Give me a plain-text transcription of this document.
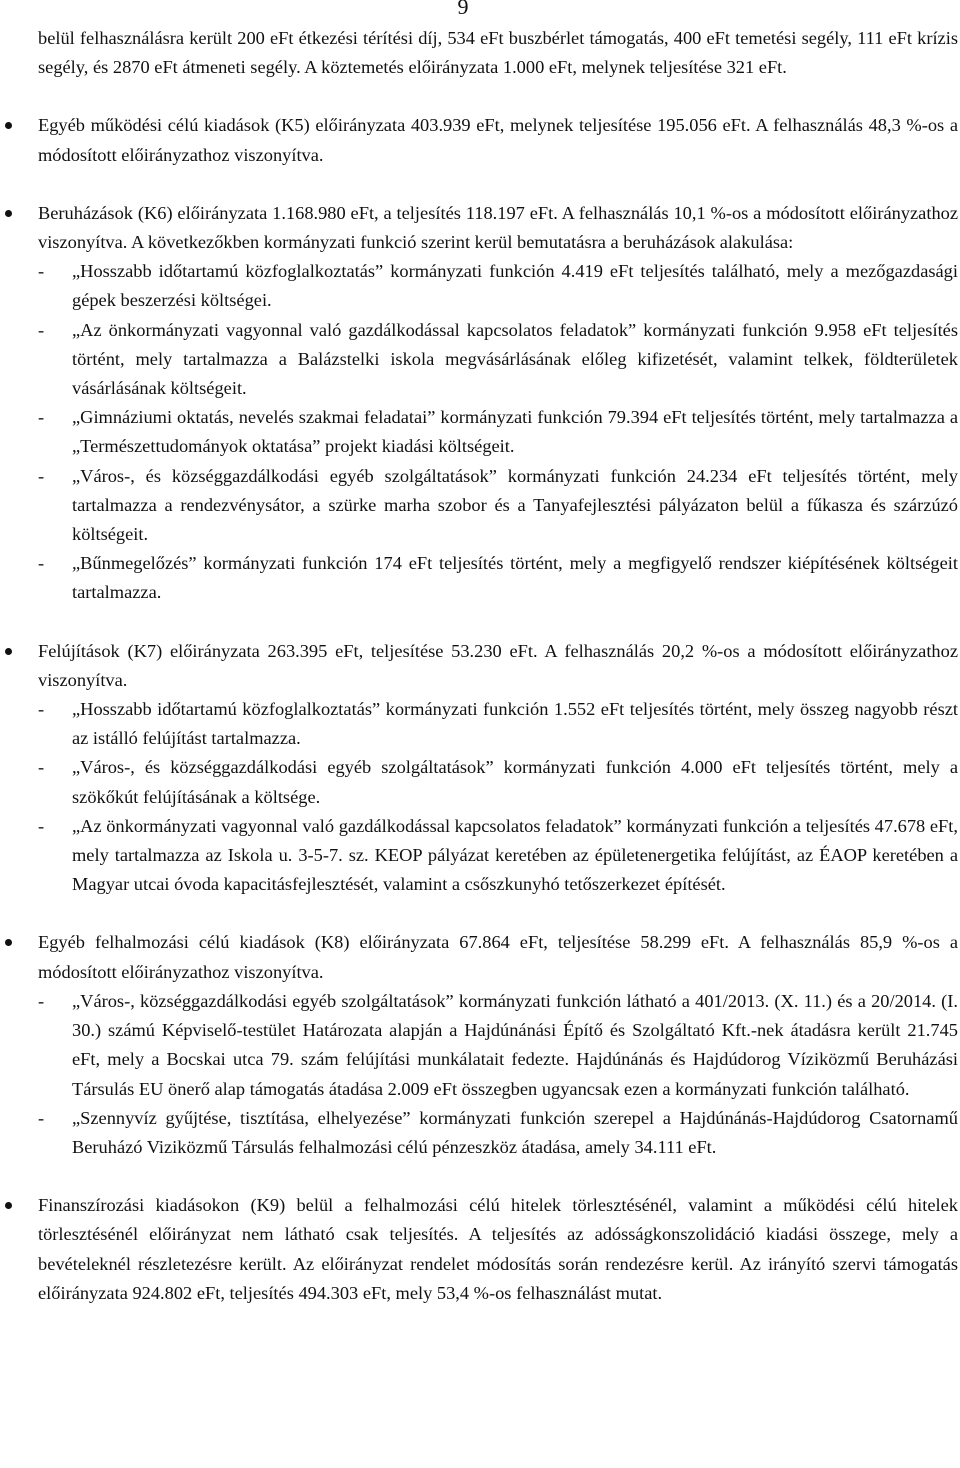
9

belül felhasználásra került 200 eFt étkezési térítési díj, 534 eFt buszbérlet támogatás, 400 eFt temetési segély, 111 eFt krízis segély, és 2870 eFt átmeneti segély. A köztemetés előirányzata 1.000 eFt, melynek teljesítése 321 eFt.

Egyéb működési célú kiadások (K5) előirányzata 403.939 eFt, melynek teljesítése 195.056 eFt. A felhasználás 48,3 %-os a módosított előirányzathoz viszonyítva.
Beruházások (K6) előirányzata 1.168.980 eFt, a teljesítés 118.197 eFt. A felhasználás 10,1 %-os a módosított előirányzathoz viszonyítva. A következőkben kormányzati funkció szerint kerül bemutatásra a beruházások alakulása:
- „Hosszabb időtartamú közfoglalkoztatás” kormányzati funkción 4.419 eFt teljesítés található, mely a mezőgazdasági gépek beszerzési költségei.
- „Az önkormányzati vagyonnal való gazdálkodással kapcsolatos feladatok” kormányzati funkción 9.958 eFt teljesítés történt, mely tartalmazza a Balázstelki iskola megvásárlásának előleg kifizetését, valamint telkek, földterületek vásárlásának költségeit.
- „Gimnáziumi oktatás, nevelés szakmai feladatai” kormányzati funkción 79.394 eFt teljesítés történt, mely tartalmazza a „Természettudományok oktatása” projekt kiadási költségeit.
- „Város-, és községgazdálkodási egyéb szolgáltatások” kormányzati funkción 24.234 eFt teljesítés történt, mely tartalmazza a rendezvénysátor, a szürke marha szobor és a Tanyafejlesztési pályázaton belül a fűkasza és szárzúzó költségeit.
- „Bűnmegelőzés” kormányzati funkción 174 eFt teljesítés történt, mely a megfigyelő rendszer kiépítésének költségeit tartalmazza.
Felújítások (K7) előirányzata 263.395 eFt, teljesítése 53.230 eFt. A felhasználás 20,2 %-os a módosított előirányzathoz viszonyítva.
- „Hosszabb időtartamú közfoglalkoztatás” kormányzati funkción 1.552 eFt teljesítés történt, mely összeg nagyobb részt az istálló felújítást tartalmazza.
- „Város-, és községgazdálkodási egyéb szolgáltatások” kormányzati funkción 4.000 eFt teljesítés történt, mely a szökőkút felújításának a költsége.
- „Az önkormányzati vagyonnal való gazdálkodással kapcsolatos feladatok” kormányzati funkción a teljesítés 47.678 eFt, mely tartalmazza az Iskola u. 3-5-7. sz. KEOP pályázat keretében az épületenergetika felújítást, az ÉAOP keretében a Magyar utcai óvoda kapacitásfejlesztését, valamint a csőszkunyhó tetőszerkezet építését.
Egyéb felhalmozási célú kiadások (K8) előirányzata 67.864 eFt, teljesítése 58.299 eFt. A felhasználás 85,9 %-os a módosított előirányzathoz viszonyítva.
- „Város-, községgazdálkodási egyéb szolgáltatások” kormányzati funkción látható a 401/2013. (X. 11.) és a 20/2014. (I. 30.) számú Képviselő-testület Határozata alapján a Hajdúnánási Építő és Szolgáltató Kft.-nek átadásra került 21.745 eFt, mely a Bocskai utca 79. szám felújítási munkálatait fedezte. Hajdúnánás és Hajdúdorog Víziközmű Beruházási Társulás EU önerő alap támogatás átadása 2.009 eFt összegben ugyancsak ezen a kormányzati funkción található.
- „Szennyvíz gyűjtése, tisztítása, elhelyezése” kormányzati funkción szerepel a Hajdúnánás-Hajdúdorog Csatornamű Beruházó Viziközmű Társulás felhalmozási célú pénzeszköz átadása, amely 34.111 eFt.
Finanszírozási kiadásokon (K9) belül a felhalmozási célú hitelek törlesztésénél, valamint a működési célú hitelek törlesztésénél előirányzat nem látható csak teljesítés. A teljesítés az adósságkonszolidáció kiadási összege, mely a bevételeknél részletezésre került. Az előirányzat rendelet módosítás során rendezésre kerül. Az irányító szervi támogatás előirányzata 924.802 eFt, teljesítés 494.303 eFt, mely 53,4 %-os felhasználást mutat.
